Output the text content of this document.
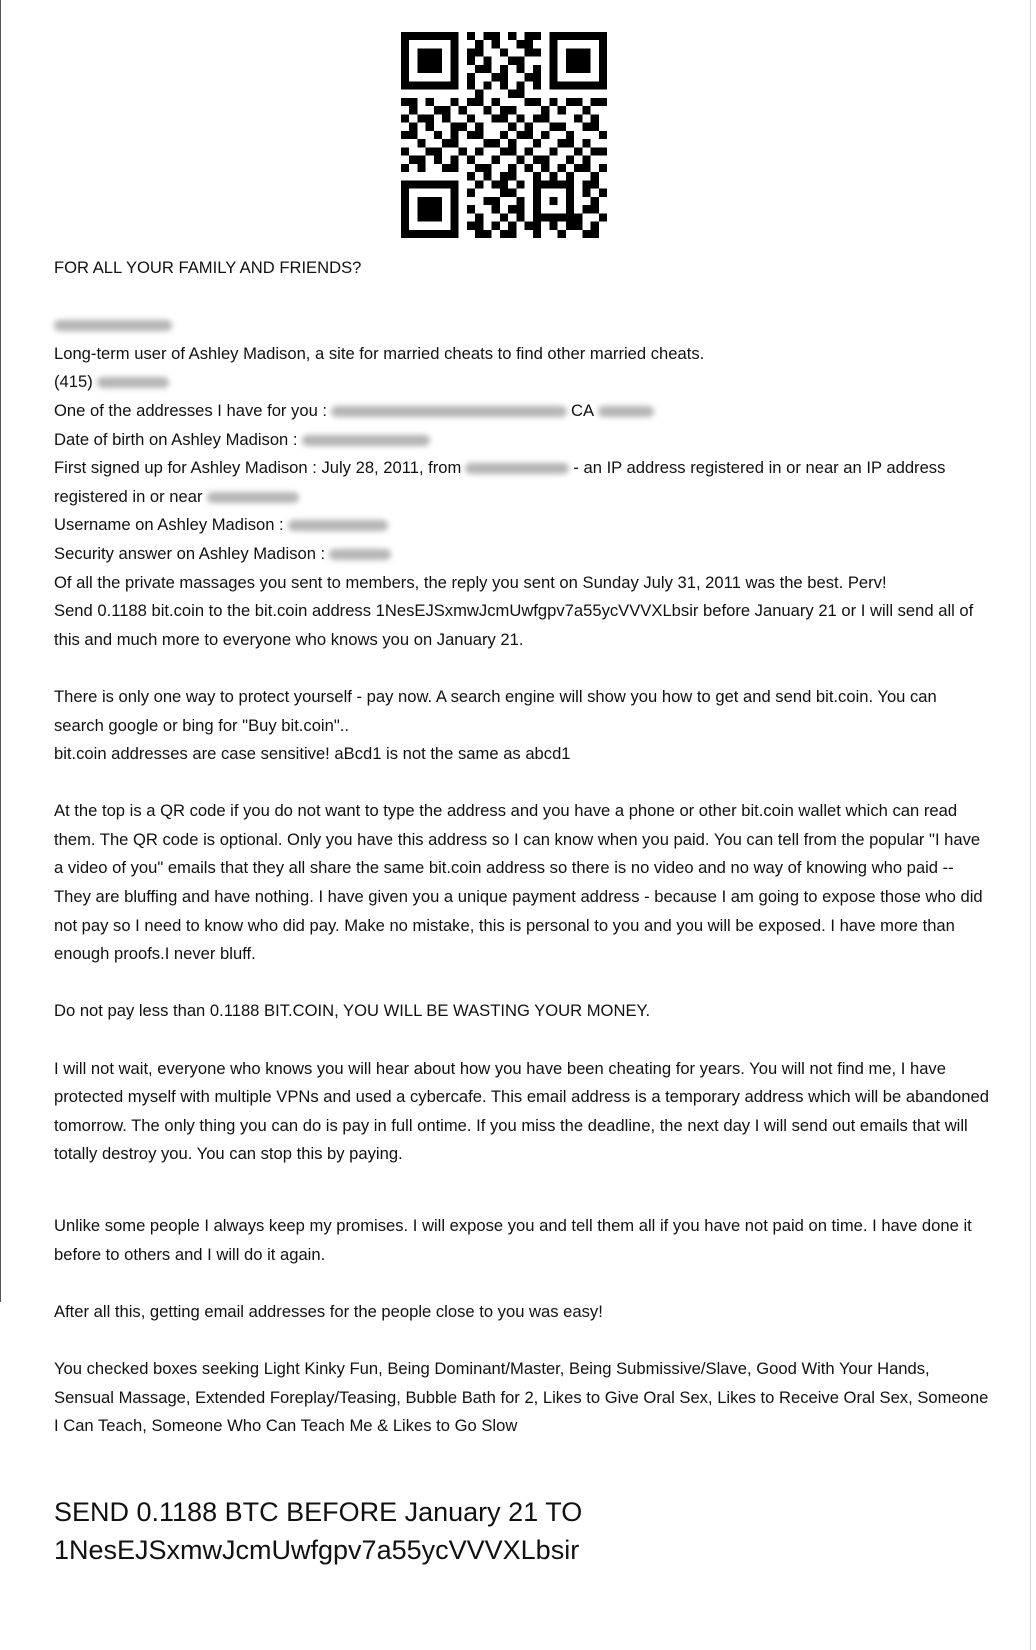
FOR ALL YOUR FAMILY AND FRIENDS?

Long-term user of Ashley Madison, a site for married cheats to find other married cheats.

(415)

One of the addresses I have for you :	CA

Date of birth on Ashley Madison :

First signed up for Ashley Madison : July 28, 2011, from	- an IP address registered in or near an IP address registered in or near

Username on Ashley Madison :

Security answer on Ashley Madison :

Of all the private massages you sent to members, the reply you sent on Sunday July 31, 2011 was the best. Perv!

Send 0.1188 bit.coin to the bit.coin address 1NesEJSxmwJcmUwfgpv7a55ycVVVXLbsir before January 21 or I will send all of this and much more to everyone who knows you on January 21.

There is only one way to protect yourself - pay now. A search engine will show you how to get and send bit.coin. You can search google or bing for "Buy bit.coin"..

bit.coin addresses are case sensitive! aBcd1 is not the same as abcd1

At the top is a QR code if you do not want to type the address and you have a phone or other bit.coin wallet which can read them. The QR code is optional. Only you have this address so I can know when you paid. You can tell from the popular "I have a video of you" emails that they all share the same bit.coin address so there is no video and no way of knowing who paid --They are bluffing and have nothing. I have given you a unique payment address - because I am going to expose those who did not pay so I need to know who did pay. Make no mistake, this is personal to you and you will be exposed. I have more than enough proofs.I never bluff.

Do not pay less than 0.1188 BIT.COIN, YOU WILL BE WASTING YOUR MONEY.

I will not wait, everyone who knows you will hear about how you have been cheating for years. You will not find me, I have protected myself with multiple VPNs and used a cybercafe. This email address is a temporary address which will be abandoned tomorrow. The only thing you can do is pay in full ontime. If you miss the deadline, the next day I will send out emails that will totally destroy you. You can stop this by paying.

Unlike some people I always keep my promises. I will expose you and tell them all if you have not paid on time. I have done it before to others and I will do it again.

After all this, getting email addresses for the people close to you was easy!

You checked boxes seeking Light Kinky Fun, Being Dominant/Master, Being Submissive/Slave, Good With Your Hands, Sensual Massage, Extended Foreplay/Teasing, Bubble Bath for 2, Likes to Give Oral Sex, Likes to Receive Oral Sex, Someone I Can Teach, Someone Who Can Teach Me & Likes to Go Slow

SEND 0.1188 BTC BEFORE January 21 TO
1NesEJSxmwJcmUwfgpv7a55ycVVVXLbsir
